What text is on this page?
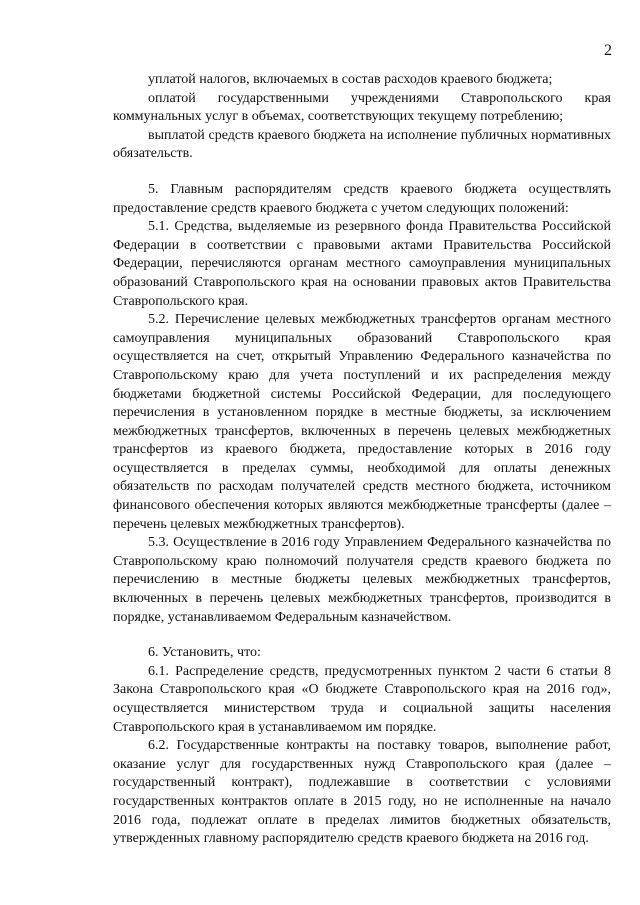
2

уплатой налогов, включаемых в состав расходов краевого бюджета;

оплатой государственными учреждениями Ставропольского края коммунальных услуг в объемах, соответствующих текущему потреблению;

выплатой средств краевого бюджета на исполнение публичных нормативных обязательств.

5. Главным распорядителям средств краевого бюджета осуществлять предоставление средств краевого бюджета с учетом следующих положений:

5.1. Средства, выделяемые из резервного фонда Правительства Российской Федерации в соответствии с правовыми актами Правительства Российской Федерации, перечисляются органам местного самоуправления муниципальных образований Ставропольского края на основании правовых актов Правительства Ставропольского края.

5.2. Перечисление целевых межбюджетных трансфертов органам местного самоуправления муниципальных образований Ставропольского края осуществляется на счет, открытый Управлению Федерального казначейства по Ставропольскому краю для учета поступлений и их распределения между бюджетами бюджетной системы Российской Федерации, для последующего перечисления в установленном порядке в местные бюджеты, за исключением межбюджетных трансфертов, включенных в перечень целевых межбюджетных трансфертов из краевого бюджета, предоставление которых в 2016 году осуществляется в пределах суммы, необходимой для оплаты денежных обязательств по расходам получателей средств местного бюджета, источником финансового обеспечения которых являются межбюджетные трансферты (далее – перечень целевых межбюджетных трансфертов).

5.3. Осуществление в 2016 году Управлением Федерального казначейства по Ставропольскому краю полномочий получателя средств краевого бюджета по перечислению в местные бюджеты целевых межбюджетных трансфертов, включенных в перечень целевых межбюджетных трансфертов, производится в порядке, устанавливаемом Федеральным казначейством.

6. Установить, что:

6.1. Распределение средств, предусмотренных пунктом 2 части 6 статьи 8 Закона Ставропольского края «О бюджете Ставропольского края на 2016 год», осуществляется министерством труда и социальной защиты населения Ставропольского края в устанавливаемом им порядке.

6.2. Государственные контракты на поставку товаров, выполнение работ, оказание услуг для государственных нужд Ставропольского края (далее – государственный контракт), подлежавшие в соответствии с условиями государственных контрактов оплате в 2015 году, но не исполненные на начало 2016 года, подлежат оплате в пределах лимитов бюджетных обязательств, утвержденных главному распорядителю средств краевого бюджета на 2016 год.
